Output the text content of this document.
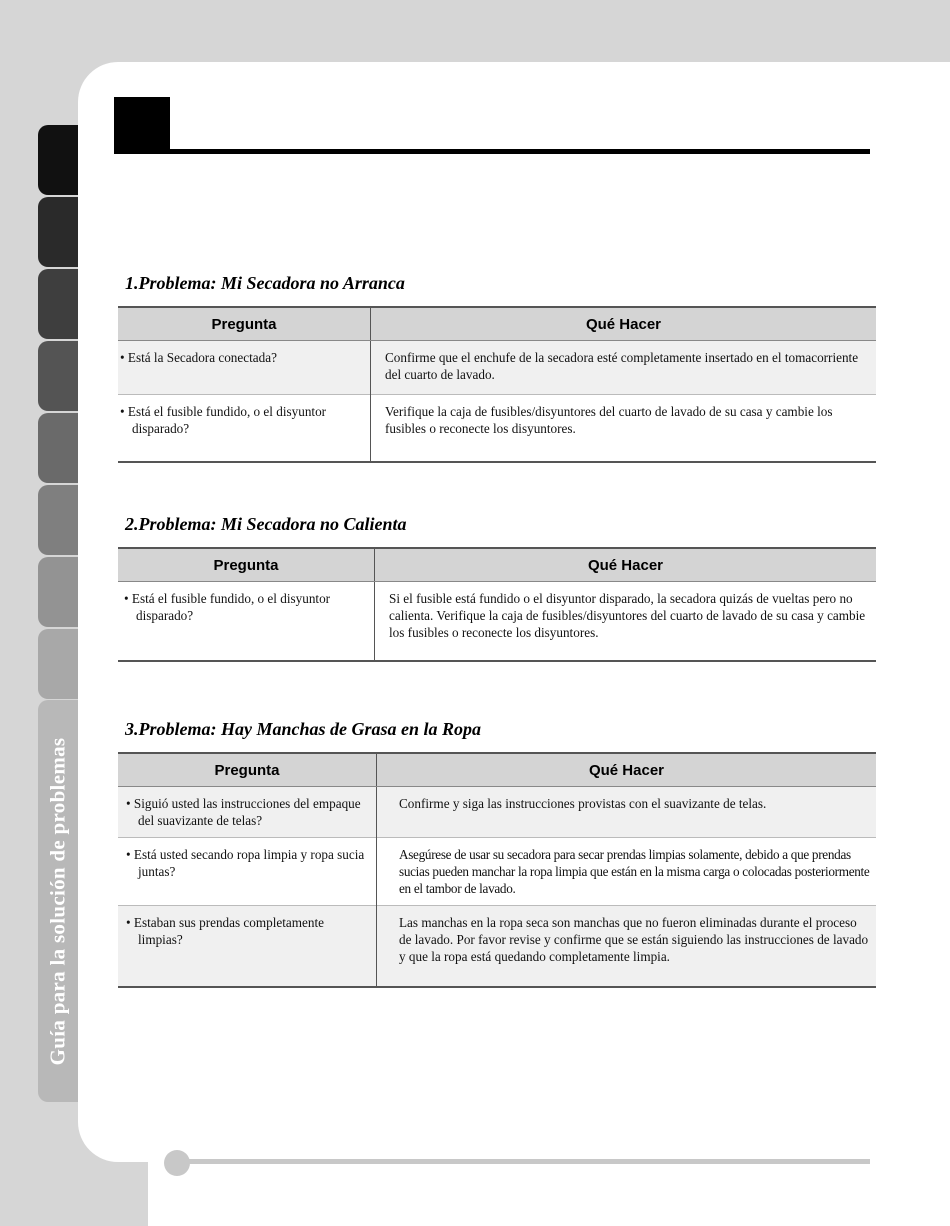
Guía para la solución de problemas
1.Problema: Mi Secadora no Arranca
Pregunta	Qué Hacer
• Está la Secadora conectada?	Confirme que el enchufe de la secadora esté completamente insertado en el tomacorriente del cuarto de lavado.
• Está el fusible fundido, o el disyuntor disparado?	Verifique la caja de fusibles/disyuntores del cuarto de lavado de su casa y cambie los fusibles o reconecte los disyuntores.
2.Problema: Mi Secadora no Calienta
Pregunta	Qué Hacer
• Está el fusible fundido, o el disyuntor disparado?	Si el fusible está fundido o el disyuntor disparado, la secadora quizás de vueltas pero no calienta. Verifique la caja de fusibles/disyuntores del cuarto de lavado de su casa y cambie los fusibles o reconecte los disyuntores.
3.Problema: Hay Manchas de Grasa en la Ropa
Pregunta	Qué Hacer
• Siguió usted las instrucciones del empaque del suavizante de telas?	Confirme y siga las instrucciones provistas con el suavizante de telas.
• Está usted secando ropa limpia y ropa sucia juntas?	Asegúrese de usar su secadora para secar prendas limpias solamente, debido a que prendas sucias pueden manchar la ropa limpia que están en la misma carga o colocadas posteriormente en el tambor de lavado.
• Estaban sus prendas completamente limpias?	Las manchas en la ropa seca son manchas que no fueron eliminadas durante el proceso de lavado. Por favor revise y confirme que se están siguiendo las instrucciones de lavado y que la ropa está quedando completamente limpia.
